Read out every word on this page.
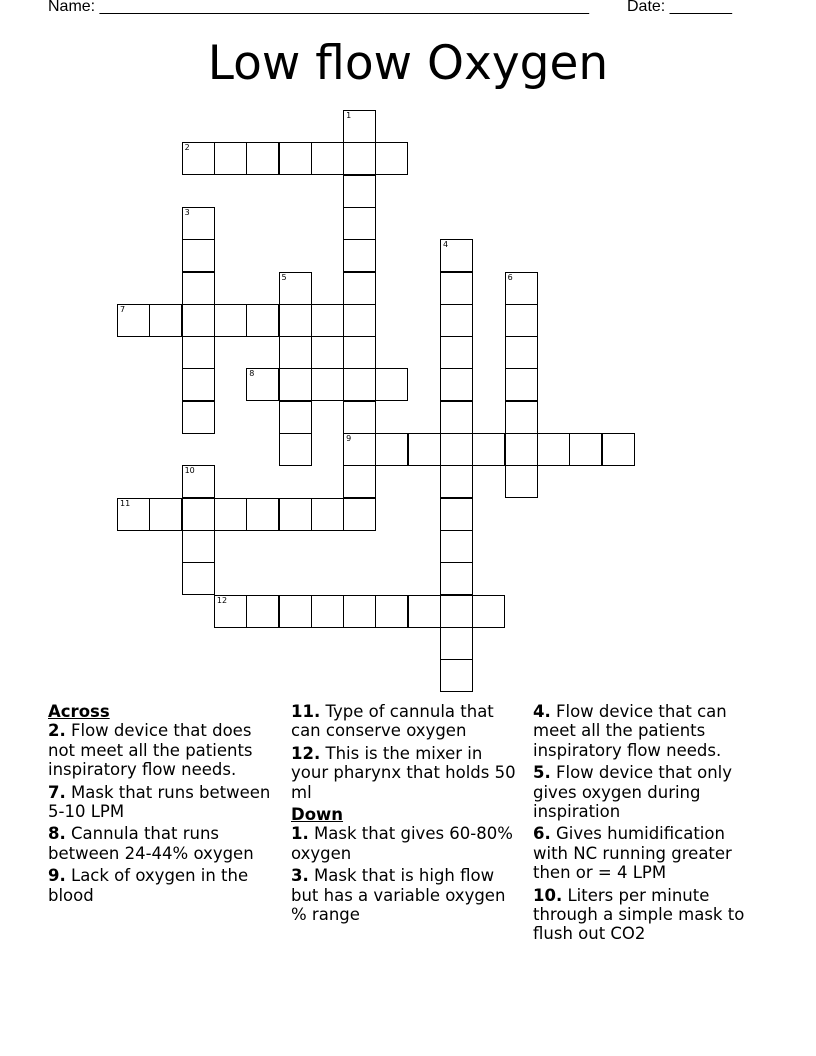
Name: _______________________________________________________ Date: _______
Low flow Oxygen
1
9
2
3
4
5	6
7
8
10
11
12
Across
2. Flow device that does not meet all the patients inspiratory flow needs.
7. Mask that runs between 5-10 LPM
8. Cannula that runs between 24-44% oxygen
9. Lack of oxygen in the blood
11. Type of cannula that can conserve oxygen
12. This is the mixer in your pharynx that holds 50 ml
Down
1. Mask that gives 60-80% oxygen
3. Mask that is high flow but has a variable oxygen % range
4. Flow device that can meet all the patients inspiratory flow needs.
5. Flow device that only gives oxygen during inspiration
6. Gives humidification with NC running greater then or = 4 LPM
10. Liters per minute through a simple mask to flush out CO2
